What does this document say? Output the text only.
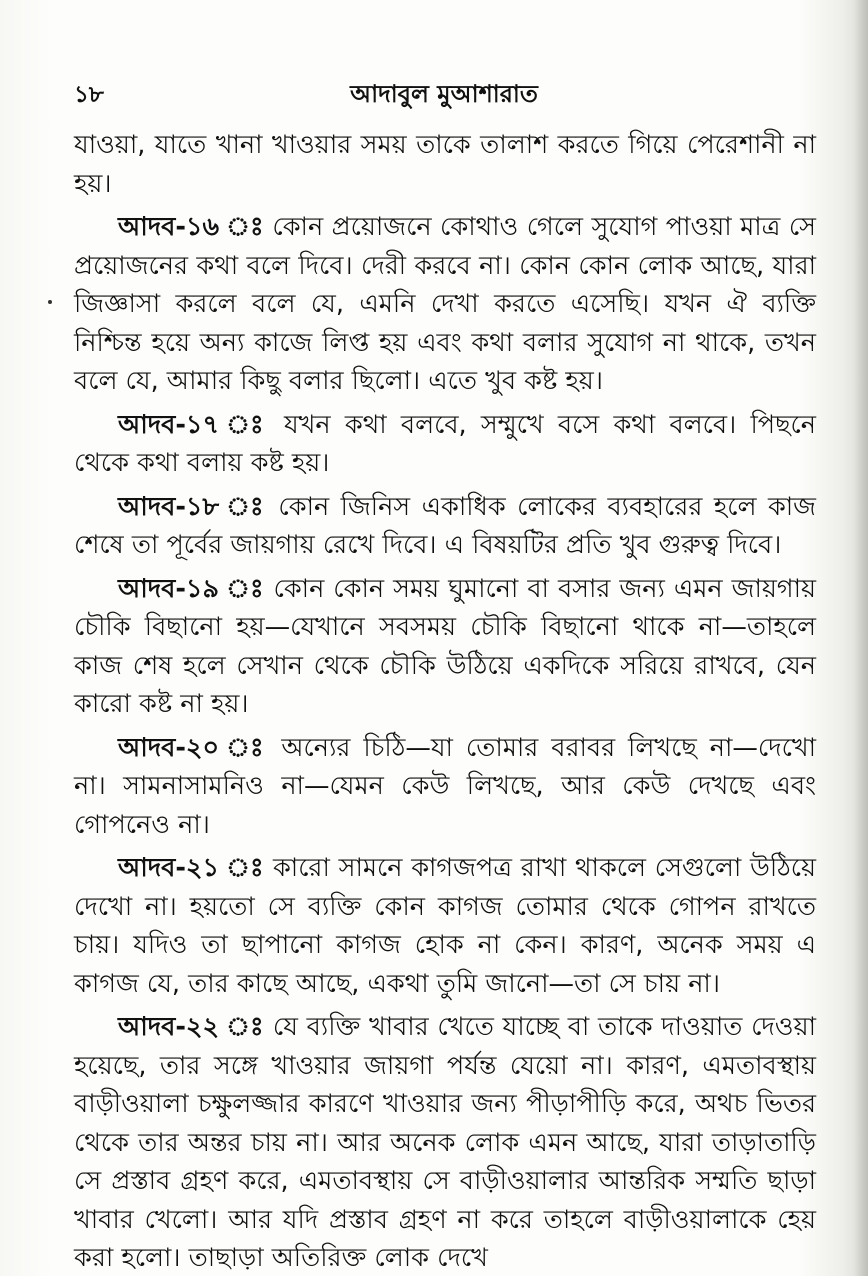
১৮	আদাবুল মুআশারাত

যাওয়া, যাতে খানা খাওয়ার সময় তাকে তালাশ করতে গিয়ে পেরেশানী না হয়।

আদব-১৬ ঃ কোন প্রয়োজনে কোথাও গেলে সুযোগ পাওয়া মাত্র সে প্রয়োজনের কথা বলে দিবে। দেরী করবে না। কোন কোন লোক আছে, যারা জিজ্ঞাসা করলে বলে যে, এমনি দেখা করতে এসেছি। যখন ঐ ব্যক্তি নিশ্চিন্ত হয়ে অন্য কাজে লিপ্ত হয় এবং কথা বলার সুযোগ না থাকে, তখন বলে যে, আমার কিছু বলার ছিলো। এতে খুব কষ্ট হয়।

আদব-১৭ ঃ যখন কথা বলবে, সম্মুখে বসে কথা বলবে। পিছনে থেকে কথা বলায় কষ্ট হয়।

আদব-১৮ ঃ কোন জিনিস একাধিক লোকের ব্যবহারের হলে কাজ শেষে তা পূর্বের জায়গায় রেখে দিবে। এ বিষয়টির প্রতি খুব গুরুত্ব দিবে।

আদব-১৯ ঃ কোন কোন সময় ঘুমানো বা বসার জন্য এমন জায়গায় চৌকি বিছানো হয়—যেখানে সবসময় চৌকি বিছানো থাকে না—তাহলে কাজ শেষ হলে সেখান থেকে চৌকি উঠিয়ে একদিকে সরিয়ে রাখবে, যেন কারো কষ্ট না হয়।

আদব-২০ ঃ অন্যের চিঠি—যা তোমার বরাবর লিখছে না—দেখো না। সামনাসামনিও না—যেমন কেউ লিখছে, আর কেউ দেখছে এবং গোপনেও না।

আদব-২১ ঃ কারো সামনে কাগজপত্র রাখা থাকলে সেগুলো উঠিয়ে দেখো না। হয়তো সে ব্যক্তি কোন কাগজ তোমার থেকে গোপন রাখতে চায়। যদিও তা ছাপানো কাগজ হোক না কেন। কারণ, অনেক সময় এ কাগজ যে, তার কাছে আছে, একথা তুমি জানো—তা সে চায় না।

আদব-২২ ঃ যে ব্যক্তি খাবার খেতে যাচ্ছে বা তাকে দাওয়াত দেওয়া হয়েছে, তার সঙ্গে খাওয়ার জায়গা পর্যন্ত যেয়ো না। কারণ, এমতাবস্থায় বাড়ীওয়ালা চক্ষুলজ্জার কারণে খাওয়ার জন্য পীড়াপীড়ি করে, অথচ ভিতর থেকে তার অন্তর চায় না। আর অনেক লোক এমন আছে, যারা তাড়াতাড়ি সে প্রস্তাব গ্রহণ করে, এমতাবস্থায় সে বাড়ীওয়ালার আন্তরিক সম্মতি ছাড়া খাবার খেলো। আর যদি প্রস্তাব গ্রহণ না করে তাহলে বাড়ীওয়ালাকে হেয় করা হলো। তাছাড়া অতিরিক্ত লোক দেখে
